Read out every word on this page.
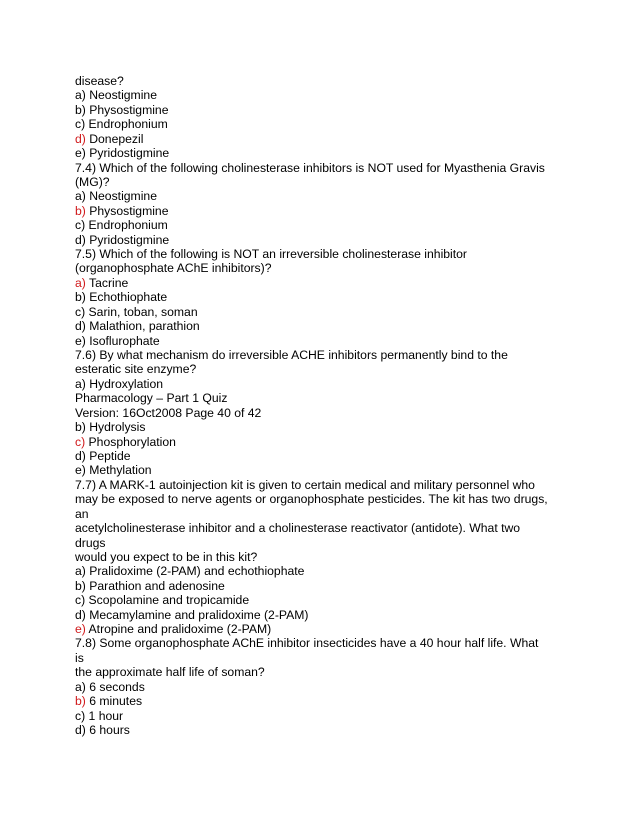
disease?
a) Neostigmine
b) Physostigmine
c) Endrophonium
d) Donepezil
e) Pyridostigmine
7.4) Which of the following cholinesterase inhibitors is NOT used for Myasthenia Gravis
(MG)?
a) Neostigmine
b) Physostigmine
c) Endrophonium
d) Pyridostigmine
7.5) Which of the following is NOT an irreversible cholinesterase inhibitor
(organophosphate AChE inhibitors)?
a) Tacrine
b) Echothiophate
c) Sarin, toban, soman
d) Malathion, parathion
e) Isoflurophate
7.6) By what mechanism do irreversible ACHE inhibitors permanently bind to the
esteratic site enzyme?
a) Hydroxylation
Pharmacology – Part 1 Quiz
Version: 16Oct2008 Page 40 of 42
b) Hydrolysis
c) Phosphorylation
d) Peptide
e) Methylation
7.7) A MARK-1 autoinjection kit is given to certain medical and military personnel who
may be exposed to nerve agents or organophosphate pesticides. The kit has two drugs,
an
acetylcholinesterase inhibitor and a cholinesterase reactivator (antidote). What two
drugs
would you expect to be in this kit?
a) Pralidoxime (2-PAM) and echothiophate
b) Parathion and adenosine
c) Scopolamine and tropicamide
d) Mecamylamine and pralidoxime (2-PAM)
e) Atropine and pralidoxime (2-PAM)
7.8) Some organophosphate AChE inhibitor insecticides have a 40 hour half life. What
is
the approximate half life of soman?
a) 6 seconds
b) 6 minutes
c) 1 hour
d) 6 hours
